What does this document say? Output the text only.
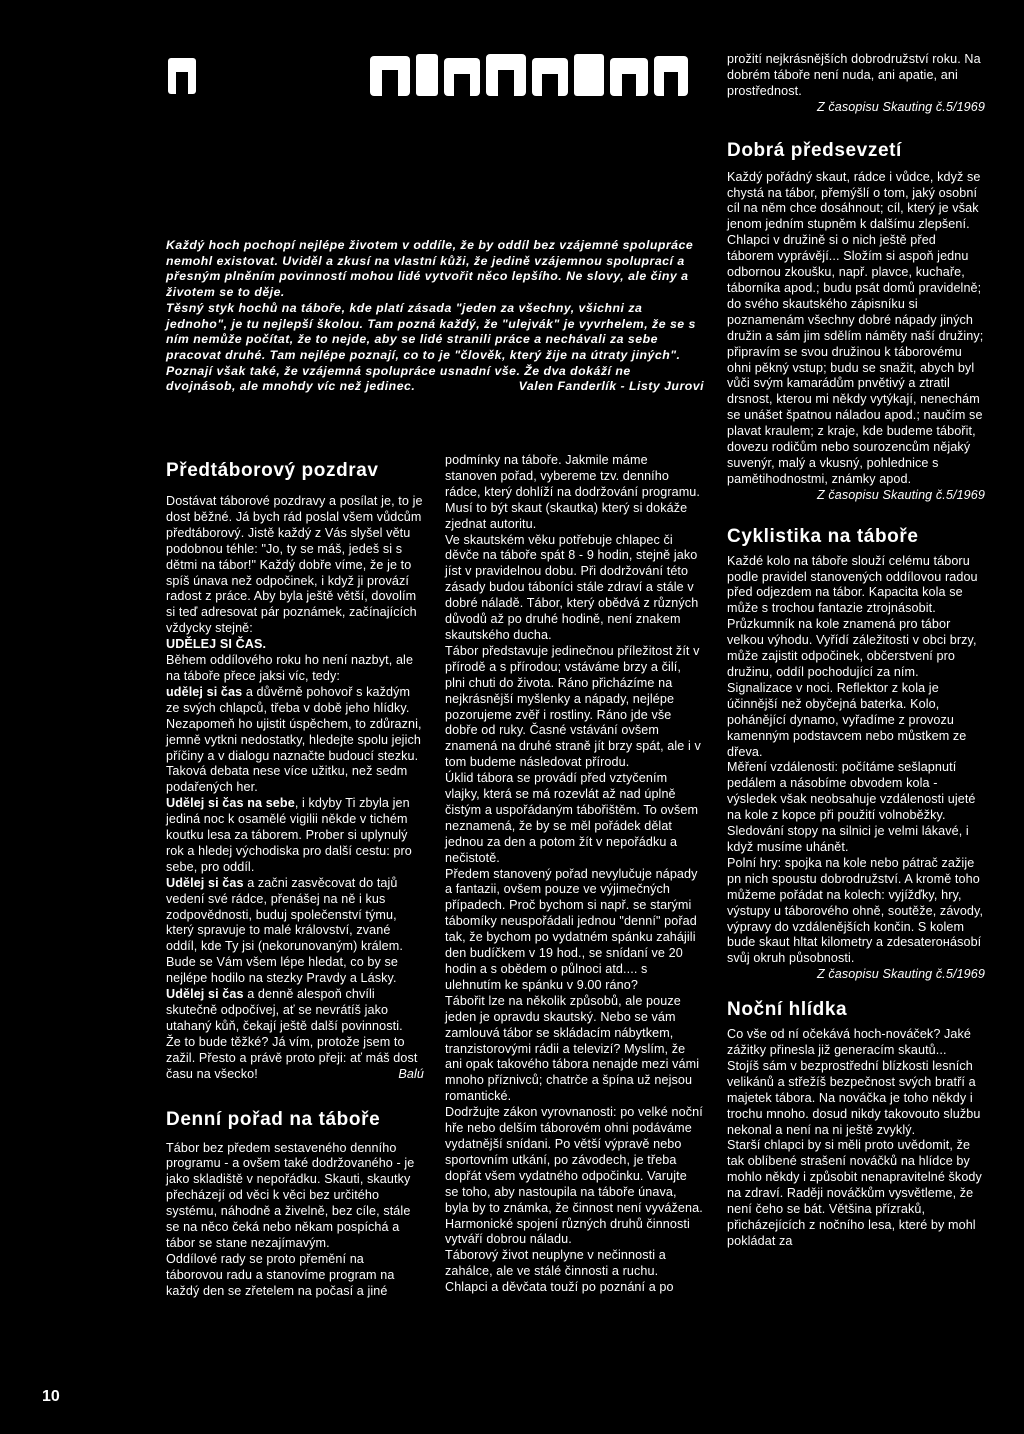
Každý hoch pochopí nejlépe životem v oddíle, že by oddíl bez vzájemné spolupráce nemohl existovat. Uviděl a zkusí na vlastní kůži, že jedině vzájemnou spoluprací a přesným plněním povinností mohou lidé vytvořit něco lepšího. Ne slovy, ale činy a životem se to děje.

Těsný styk hochů na táboře, kde platí zásada "jeden za všechny, všichni za jednoho", je tu nejlepší školou. Tam pozná každý, že "ulejvák" je vyvrhelem, že se s ním nemůže počítat, že to nejde, aby se lidé stranili práce a nechávali za sebe pracovat druhé. Tam nejlépe poznají, co to je "člověk, který žije na útraty jiných".

Poznají však také, že vzájemná spolupráce usnadní vše. Že dva dokáží ne dvojnásob, ale mnohdy víc než jedinec.	Valen Fanderlík - Listy Jurovi

Předtáborový pozdrav

Dostávat táborové pozdravy a posílat je, to je dost běžné. Já bych rád poslal všem vůdcům předtáborový. Jistě každý z Vás slyšel větu podobnou téhle: "Jo, ty se máš, jedeš si s dětmi na tábor!" Každý dobře víme, že je to spíš únava než odpočinek, i když ji provází radost z práce. Aby byla ještě větší, dovolím si teď adresovat pár poznámek, začínajících vždycky stejně:

UDĚLEJ SI ČAS.

Během oddílového roku ho není nazbyt, ale na táboře přece jaksi víc, tedy:

udělej si čas a důvěrně pohovoř s každým ze svých chlapců, třeba v době jeho hlídky. Nezapomeň ho ujistit úspěchem, to zdůrazni, jemně vytkni nedostatky, hledejte spolu jejich příčiny a v dialogu naznačte budoucí stezku. Taková debata nese více užitku, než sedm podařených her.

Udělej si čas na sebe, i kdyby Ti zbyla jen jediná noc k osamělé vigilii někde v tichém koutku lesa za táborem. Prober si uplynulý rok a hledej východiska pro další cestu: pro sebe, pro oddíl.

Udělej si čas a začni zasvěcovat do tajů vedení své rádce, přenášej na ně i kus zodpovědnosti, buduj společenství týmu, který spravuje to malé království, zvané oddíl, kde Ty jsi (nekorunovaným) králem. Bude se Vám všem lépe hledat, co by se nejlépe hodilo na stezky Pravdy a Lásky.

Udělej si čas a denně alespoň chvíli skutečně odpočívej, ať se nevrátíš jako utahaný kůň, čekají ještě další povinnosti.

Že to bude těžké? Já vím, protože jsem to zažil. Přesto a právě proto přeji: ať máš dost času na všecko!	Balú

Denní pořad na táboře

Tábor bez předem sestaveného denního programu - a ovšem také dodržovaného - je jako skladiště v nepořádku. Skauti, skautky přecházejí od věci k věci bez určitého systému, náhodně a živelně, bez cíle, stále se na něco čeká nebo někam pospíchá a tábor se stane nezajímavým.

Oddílové rady se proto přemění na táborovou radu a stanovíme program na každý den se zřetelem na počasí a jiné

podmínky na táboře. Jakmile máme stanoven pořad, vybereme tzv. denního rádce, který dohlíží na dodržování programu. Musí to být skaut (skautka) který si dokáže zjednat autoritu.

Ve skautském věku potřebuje chlapec či děvče na táboře spát 8 - 9 hodin, stejně jako jíst v pravidelnou dobu. Při dodržování této zásady budou táboníci stále zdraví a stále v dobré náladě. Tábor, který obědvá z různých důvodů až po druhé hodině, není znakem skautského ducha.

Tábor představuje jedinečnou příležitost žít v přírodě a s přírodou; vstáváme brzy a čilí, plni chuti do života. Ráno přicházíme na nejkrásnější myšlenky a nápady, nejlépe pozorujeme zvěř i rostliny. Ráno jde vše dobře od ruky. Časné vstávání ovšem znamená na druhé straně jít brzy spát, ale i v tom budeme následovat přírodu.

Úklid tábora se provádí před vztyčením vlajky, která se má rozevlát až nad úplně čistým a uspořádaným tábořištěm. To ovšem neznamená, že by se měl pořádek dělat jednou za den a potom žít v nepořádku a nečistotě.

Předem stanovený pořad nevylučuje nápady a fantazii, ovšem pouze ve výjimečných případech. Proč bychom si např. se starými tábomíky neuspořádali jednou "denní" pořad tak, že bychom po vydatném spánku zahájili den budíčkem v 19 hod., se snídaní ve 20 hodin a s obědem o půlnoci atd.... s ulehnutím ke spánku v 9.00 ráno?

Tábořit lze na několik způsobů, ale pouze jeden je opravdu skautský. Nebo se vám zamlouvá tábor se skládacím nábytkem, tranzistorovými rádii a televizí? Myslím, že ani opak takového tábora nenajde mezi vámi mnoho příznivců; chatrče a špína už nejsou romantické.

Dodržujte zákon vyrovnanosti: po velké noční hře nebo delším táborovém ohni podáváme vydatnější snídani. Po větší výpravě nebo sportovním utkání, po závodech, je třeba dopřát všem vydatného odpočinku. Varujte se toho, aby nastoupila na táboře únava, byla by to známka, že činnost není vyvážena. Harmonické spojení různých druhů činnosti vytváří dobrou náladu.

Táborový život neuplyne v nečinnosti a zahálce, ale ve stálé činnosti a ruchu. Chlapci a děvčata touží po poznání a po

prožití nejkrásnějších dobrodružství roku. Na dobrém táboře není nuda, ani apatie, ani prostřednost.

Z časopisu Skauting č.5/1969

Dobrá předsevzetí

Každý pořádný skaut, rádce i vůdce, když se chystá na tábor, přemýšlí o tom, jaký osobní cíl na něm chce dosáhnout; cíl, který je však jenom jedním stupněm k dalšímu zlepšení. Chlapci v družině si o nich ještě před táborem vyprávějí... Složím si aspoň jednu odbornou zkoušku, např. plavce, kuchaře, táborníka apod.; budu psát domů pravidelně; do svého skautského zápisníku si poznamenám všechny dobré nápady jiných družin a sám jim sdělím náměty naší družiny; připravím se svou družinou k táborovému ohni pěkný vstup; budu se snažit, abych byl vůči svým kamarádům pnvětivý a ztratil drsnost, kterou mi někdy vytýkají, nenechám se unášet špatnou náladou apod.; naučím se plavat kraulem; z kraje, kde budeme tábořit, dovezu rodičům nebo sourozencům nějaký suvenýr, malý a vkusný, pohlednice s pamětihodnostmi, známky apod.

Z časopisu Skauting č.5/1969

Cyklistika na táboře

Každé kolo na táboře slouží celému táboru podle pravidel stanovených oddílovou radou před odjezdem na tábor. Kapacita kola se může s trochou fantazie ztrojnásobit. Průzkumník na kole znamená pro tábor velkou výhodu. Vyřídí záležitosti v obci brzy, může zajistit odpočinek, občerstvení pro družinu, oddíl pochodující za ním. Signalizace v noci. Reflektor z kola je účinnější než obyčejná baterka. Kolo, pohánějící dynamo, vyřadíme z provozu kamenným podstavcem nebo můstkem ze dřeva.

Měření vzdálenosti: počítáme sešlapnutí pedálem a násobíme obvodem kola - výsledek však neobsahuje vzdálenosti ujeté na kole z kopce při použití volnoběžky.

Sledování stopy na silnici je velmi lákavé, i když musíme uhánět.

Polní hry: spojka na kole nebo pátrač zažije pn nich spoustu dobrodružství. A kromě toho můžeme pořádat na kolech: vyjížďky, hry, výstupy u táborového ohně, soutěže, závody, výpravy do vzdálenějších končin. S kolem bude skaut hltat kilometry a zdesaterонásobí svůj okruh působnosti.

Z časopisu Skauting č.5/1969

Noční hlídka

Co vše od ní očekává hoch-nováček? Jaké zážitky přinesla již generacím skautů...

Stojíš sám v bezprostřední blízkosti lesních velikánů a střežíš bezpečnost svých bratří a majetek tábora. Na nováčka je toho někdy i trochu mnoho. dosud nikdy takovouto službu nekonal a není na ni ještě zvyklý.

Starší chlapci by si měli proto uvědomit, že tak oblíbené strašení nováčků na hlídce by mohlo někdy i způsobit nenapravitelné škody na zdraví. Raději nováčkům vysvětleme, že není čeho se bát. Většina přízraků, přicházejících z nočního lesa, které by mohl pokládat za

10
